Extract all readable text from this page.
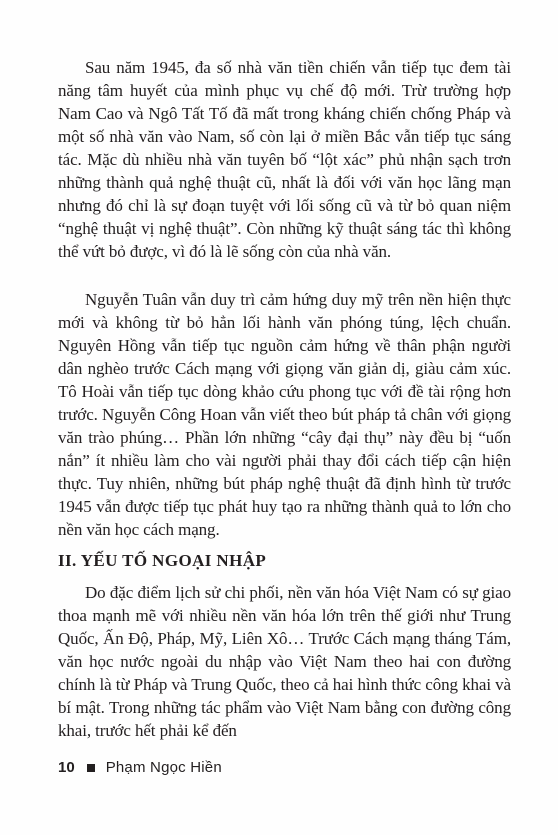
Sau năm 1945, đa số nhà văn tiền chiến vẫn tiếp tục đem tài năng tâm huyết của mình phục vụ chế độ mới. Trừ trường hợp Nam Cao và Ngô Tất Tố đã mất trong kháng chiến chống Pháp và một số nhà văn vào Nam, số còn lại ở miền Bắc vẫn tiếp tục sáng tác. Mặc dù nhiều nhà văn tuyên bố “lột xác” phủ nhận sạch trơn những thành quả nghệ thuật cũ, nhất là đối với văn học lãng mạn nhưng đó chỉ là sự đoạn tuyệt với lối sống cũ và từ bỏ quan niệm “nghệ thuật vị nghệ thuật”. Còn những kỹ thuật sáng tác thì không thể vứt bỏ được, vì đó là lẽ sống còn của nhà văn.

Nguyễn Tuân vẫn duy trì cảm hứng duy mỹ trên nền hiện thực mới và không từ bỏ hẳn lối hành văn phóng túng, lệch chuẩn. Nguyên Hồng vẫn tiếp tục nguồn cảm hứng về thân phận người dân nghèo trước Cách mạng với giọng văn giản dị, giàu cảm xúc. Tô Hoài vẫn tiếp tục dòng khảo cứu phong tục với đề tài rộng hơn trước. Nguyễn Công Hoan vẫn viết theo bút pháp tả chân với giọng văn trào phúng… Phần lớn những “cây đại thụ” này đều bị “uốn nắn” ít nhiều làm cho vài người phải thay đổi cách tiếp cận hiện thực. Tuy nhiên, những bút pháp nghệ thuật đã định hình từ trước 1945 vẫn được tiếp tục phát huy tạo ra những thành quả to lớn cho nền văn học cách mạng.

II. YẾU TỐ NGOẠI NHẬP

Do đặc điểm lịch sử chi phối, nền văn hóa Việt Nam có sự giao thoa mạnh mẽ với nhiều nền văn hóa lớn trên thế giới như Trung Quốc, Ấn Độ, Pháp, Mỹ, Liên Xô… Trước Cách mạng tháng Tám, văn học nước ngoài du nhập vào Việt Nam theo hai con đường chính là từ Pháp và Trung Quốc, theo cả hai hình thức công khai và bí mật. Trong những tác phẩm vào Việt Nam bằng con đường công khai, trước hết phải kể đến

10 Phạm Ngọc Hiền
